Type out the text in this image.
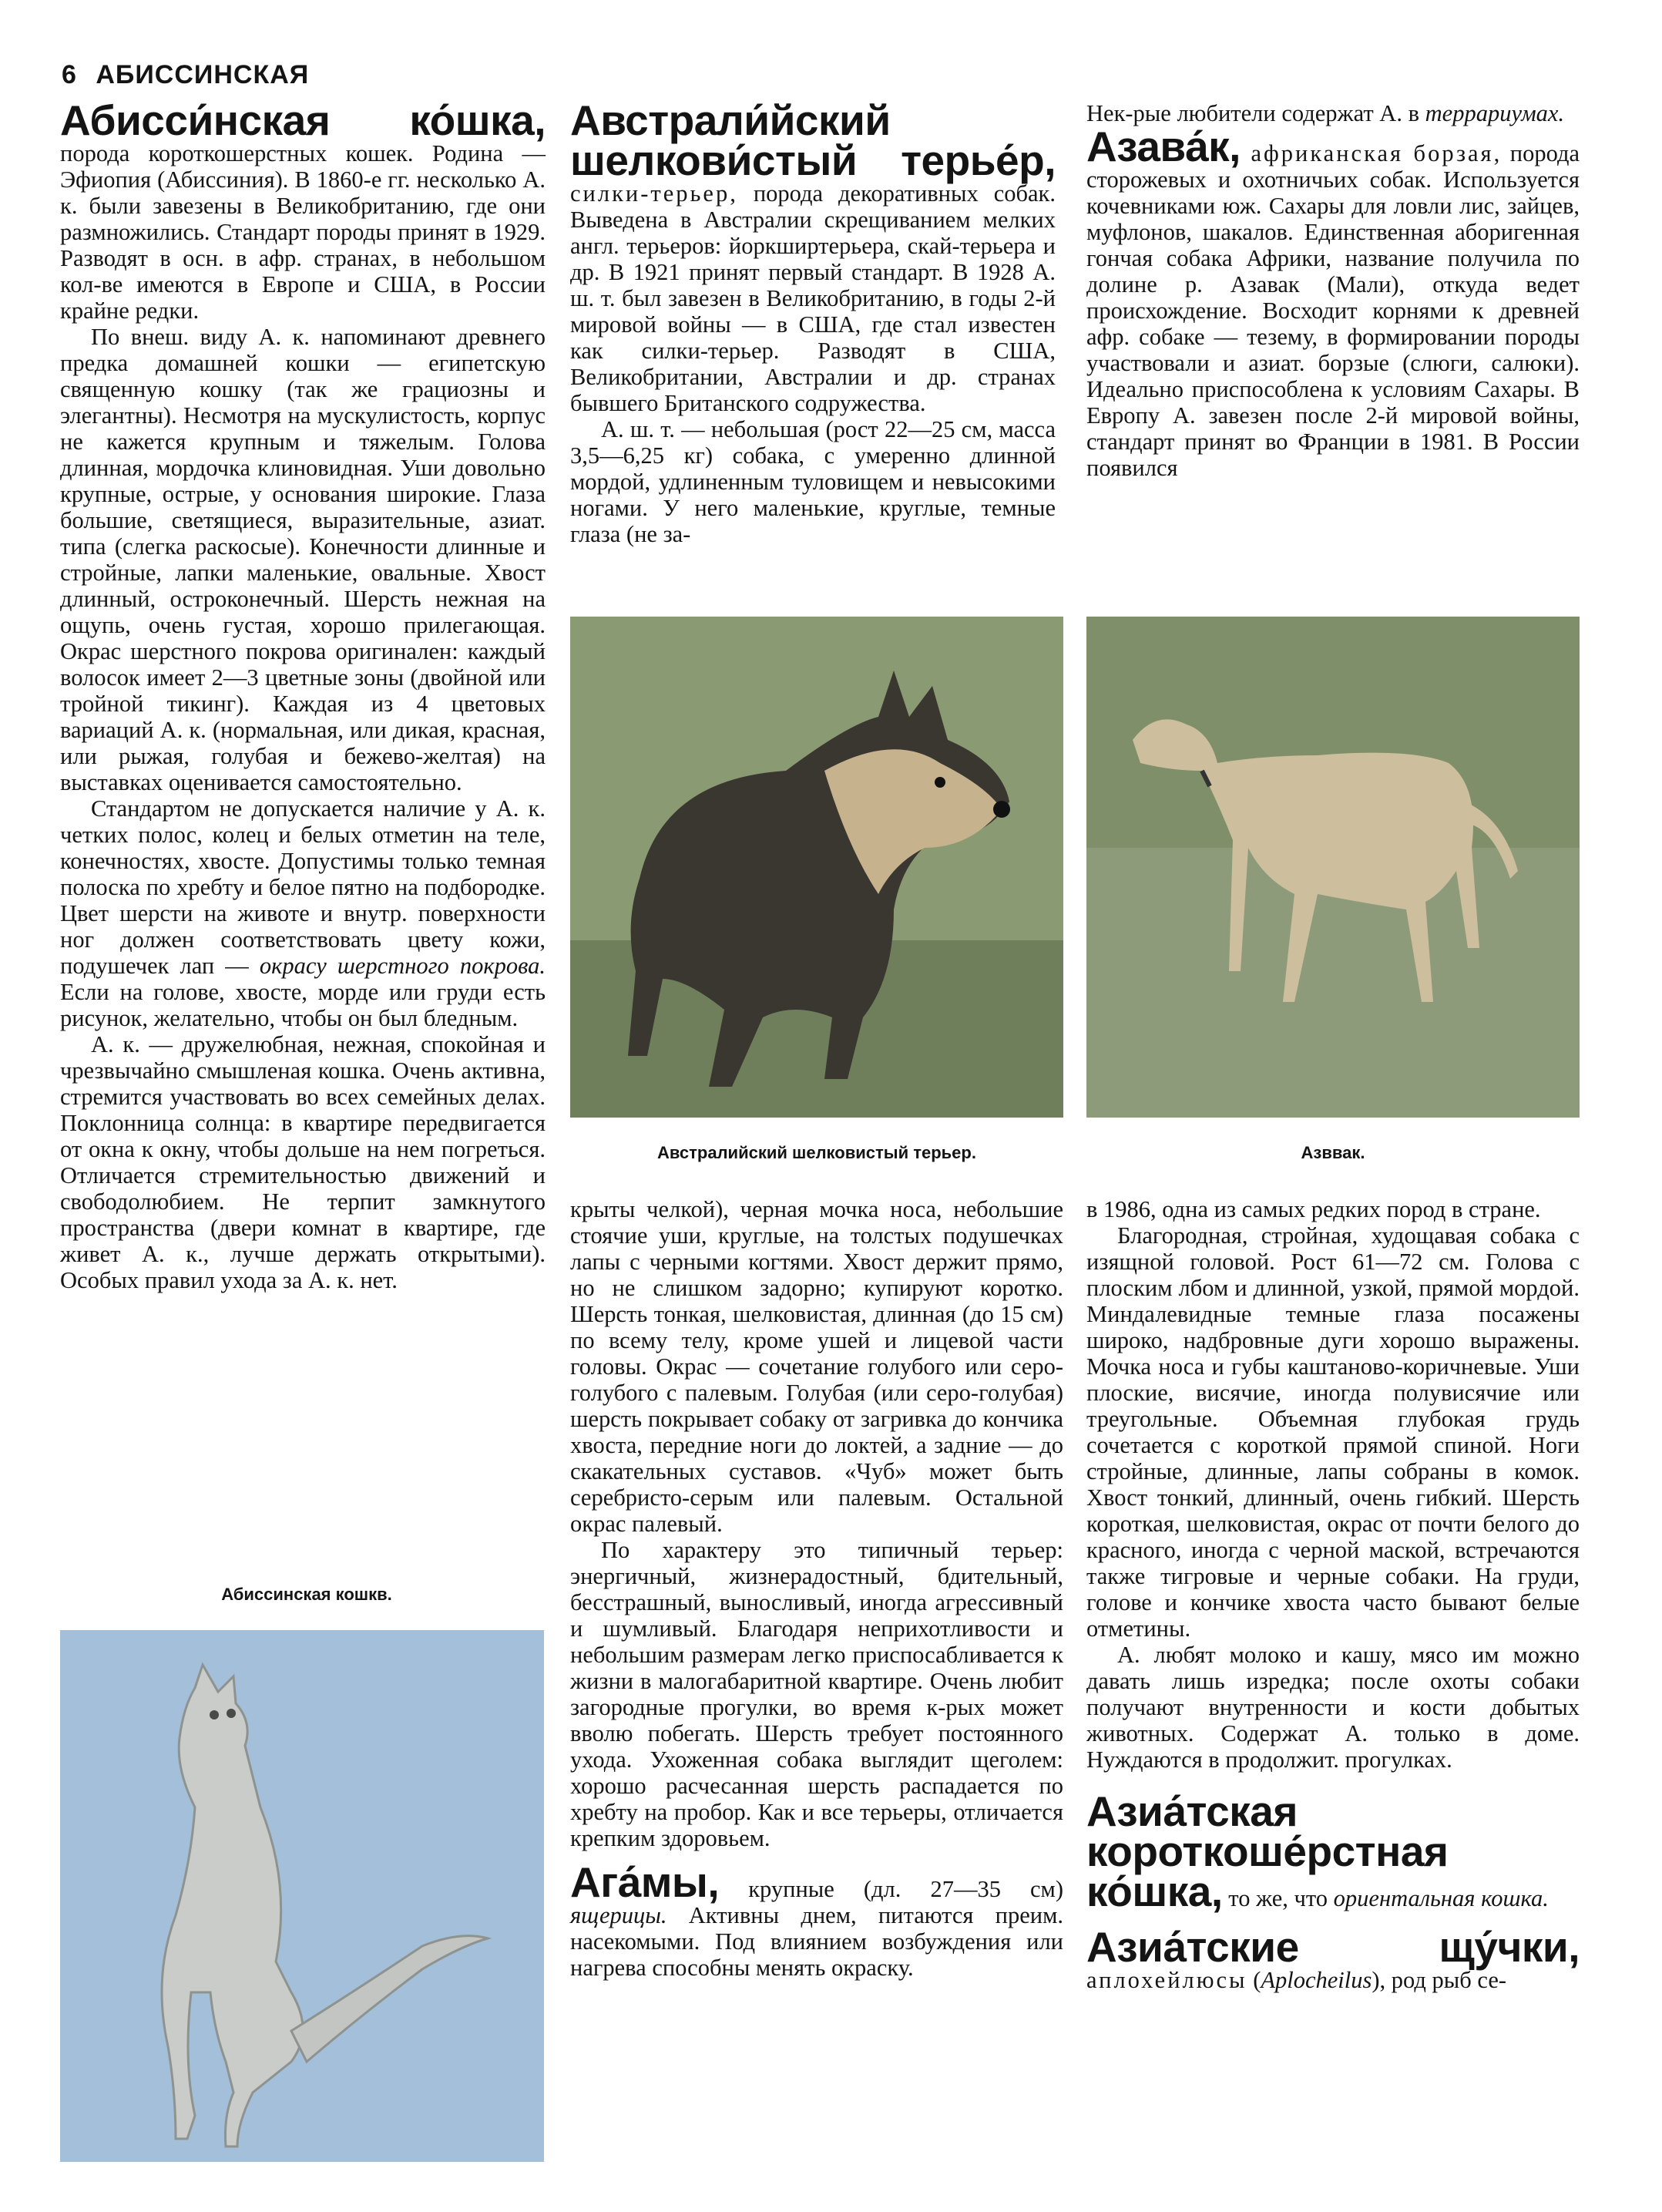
6 АБИССИНСКАЯ

Абисси́нская ко́шка, порода короткошерстных кошек. Родина — Эфиопия (Абиссиния). В 1860-е гг. несколько А. к. были завезены в Великобританию, где они размножились. Стандарт породы принят в 1929. Разводят в осн. в афр. странах, в небольшом кол-ве имеются в Европе и США, в России крайне редки.

По внеш. виду А. к. напоминают древнего предка домашней кошки — египетскую священную кошку (так же грациозны и элегантны). Несмотря на мускулистость, корпус не кажется крупным и тяжелым. Голова длинная, мордочка клиновидная. Уши довольно крупные, острые, у основания широкие. Глаза большие, светящиеся, выразительные, азиат. типа (слегка раскосые). Конечности длинные и стройные, лапки маленькие, овальные. Хвост длинный, остроконечный. Шерсть нежная на ощупь, очень густая, хорошо прилегающая. Окрас шерстного покрова оригинален: каждый волосок имеет 2—3 цветные зоны (двойной или тройной тикинг). Каждая из 4 цветовых вариаций А. к. (нормальная, или дикая, красная, или рыжая, голубая и бежево-желтая) на выставках оценивается самостоятельно.

Стандартом не допускается наличие у А. к. четких полос, колец и белых отметин на теле, конечностях, хвосте. Допустимы только темная полоска по хребту и белое пятно на подбородке. Цвет шерсти на животе и внутр. поверхности ног должен соответствовать цвету кожи, подушечек лап — окрасу шерстного покрова. Если на голове, хвосте, морде или груди есть рисунок, желательно, чтобы он был бледным.

А. к. — дружелюбная, нежная, спокойная и чрезвычайно смышленая кошка. Очень активна, стремится участвовать во всех семейных делах. Поклонница солнца: в квартире передвигается от окна к окну, чтобы дольше на нем погреться. Отличается стремительностью движений и свободолюбием. Не терпит замкнутого пространства (двери комнат в квартире, где живет А. к., лучше держать открытыми). Особых правил ухода за А. к. нет.

Абиссинская кошкв.

Австрали́йский шелкови́стый терье́р, силки-терьер, порода декоративных собак. Выведена в Австралии скрещиванием мелких англ. терьеров: йоркширтерьера, скай-терьера и др. В 1921 принят первый стандарт. В 1928 А. ш. т. был завезен в Великобританию, в годы 2-й мировой войны — в США, где стал известен как силки-терьер. Разводят в США, Великобритании, Австралии и др. странах бывшего Британского содружества.

А. ш. т. — небольшая (рост 22—25 см, масса 3,5—6,25 кг) собака, с умеренно длинной мордой, удлиненным туловищем и невысокими ногами. У него маленькие, круглые, темные глаза (не за-

Австралийский шелковистый терьер.

крыты челкой), черная мочка носа, небольшие стоячие уши, круглые, на толстых подушечках лапы с черными когтями. Хвост держит прямо, но не слишком задорно; купируют коротко. Шерсть тонкая, шелковистая, длинная (до 15 см) по всему телу, кроме ушей и лицевой части головы. Окрас — сочетание голубого или серо-голубого с палевым. Голубая (или серо-голубая) шерсть покрывает собаку от загривка до кончика хвоста, передние ноги до локтей, а задние — до скакательных суставов. «Чуб» может быть серебристо-серым или палевым. Остальной окрас палевый.

По характеру это типичный терьер: энергичный, жизнерадостный, бдительный, бесстрашный, выносливый, иногда агрессивный и шумливый. Благодаря неприхотливости и небольшим размерам легко приспосабливается к жизни в малогабаритной квартире. Очень любит загородные прогулки, во время к-рых может вволю побегать. Шерсть требует постоянного ухода. Ухоженная собака выглядит щеголем: хорошо расчесанная шерсть распадается по хребту на пробор. Как и все терьеры, отличается крепким здоровьем.

Ага́мы, крупные (дл. 27—35 см) ящерицы. Активны днем, питаются преим. насекомыми. Под влиянием возбуждения или нагрева способны менять окраску.

Нек-рые любители содержат А. в террариумах.

Азава́к, африканская борзая, порода сторожевых и охотничьих собак. Используется кочевниками юж. Сахары для ловли лис, зайцев, муфлонов, шакалов. Единственная аборигенная гончая собака Африки, название получила по долине р. Азавак (Мали), откуда ведет происхождение. Восходит корнями к древней афр. собаке — тезему, в формировании породы участвовали и азиат. борзые (слюги, салюки). Идеально приспособлена к условиям Сахары. В Европу А. завезен после 2-й мировой войны, стандарт принят во Франции в 1981. В России появился

Азввак.

в 1986, одна из самых редких пород в стране.

Благородная, стройная, худощавая собака с изящной головой. Рост 61—72 см. Голова с плоским лбом и длинной, узкой, прямой мордой. Миндалевидные темные глаза посажены широко, надбровные дуги хорошо выражены. Мочка носа и губы каштаново-коричневые. Уши плоские, висячие, иногда полувисячие или треугольные. Объемная глубокая грудь сочетается с короткой прямой спиной. Ноги стройные, длинные, лапы собраны в комок. Хвост тонкий, длинный, очень гибкий. Шерсть короткая, шелковистая, окрас от почти белого до красного, иногда с черной маской, встречаются также тигровые и черные собаки. На груди, голове и кончике хвоста часто бывают белые отметины.

А. любят молоко и кашу, мясо им можно давать лишь изредка; после охоты собаки получают внутренности и кости добытых животных. Содержат А. только в доме. Нуждаются в продолжит. прогулках.

Азиа́тская короткоше́рстная ко́шка, то же, что ориентальная кошка.

Азиа́тские щу́чки, аплохейлюсы (Aplocheilus), род рыб се-
